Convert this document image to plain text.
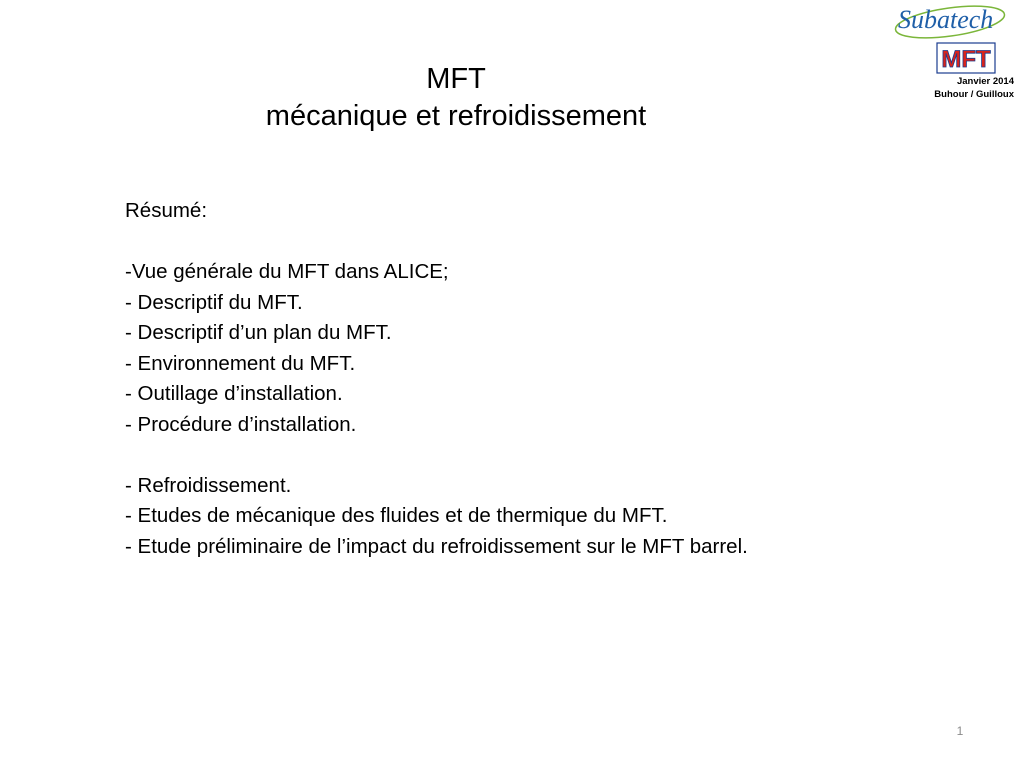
MFT
mécanique et refroidissement
Subatech
MFT
Janvier 2014
Buhour / Guilloux
Résumé:
-Vue générale du MFT dans ALICE;
- Descriptif du MFT.
- Descriptif d’un plan du MFT.
- Environnement du MFT.
- Outillage d’installation.
- Procédure d’installation.
- Refroidissement.
- Etudes de mécanique des fluides et de thermique du MFT.
- Etude préliminaire de l’impact du refroidissement sur le MFT barrel.
1
